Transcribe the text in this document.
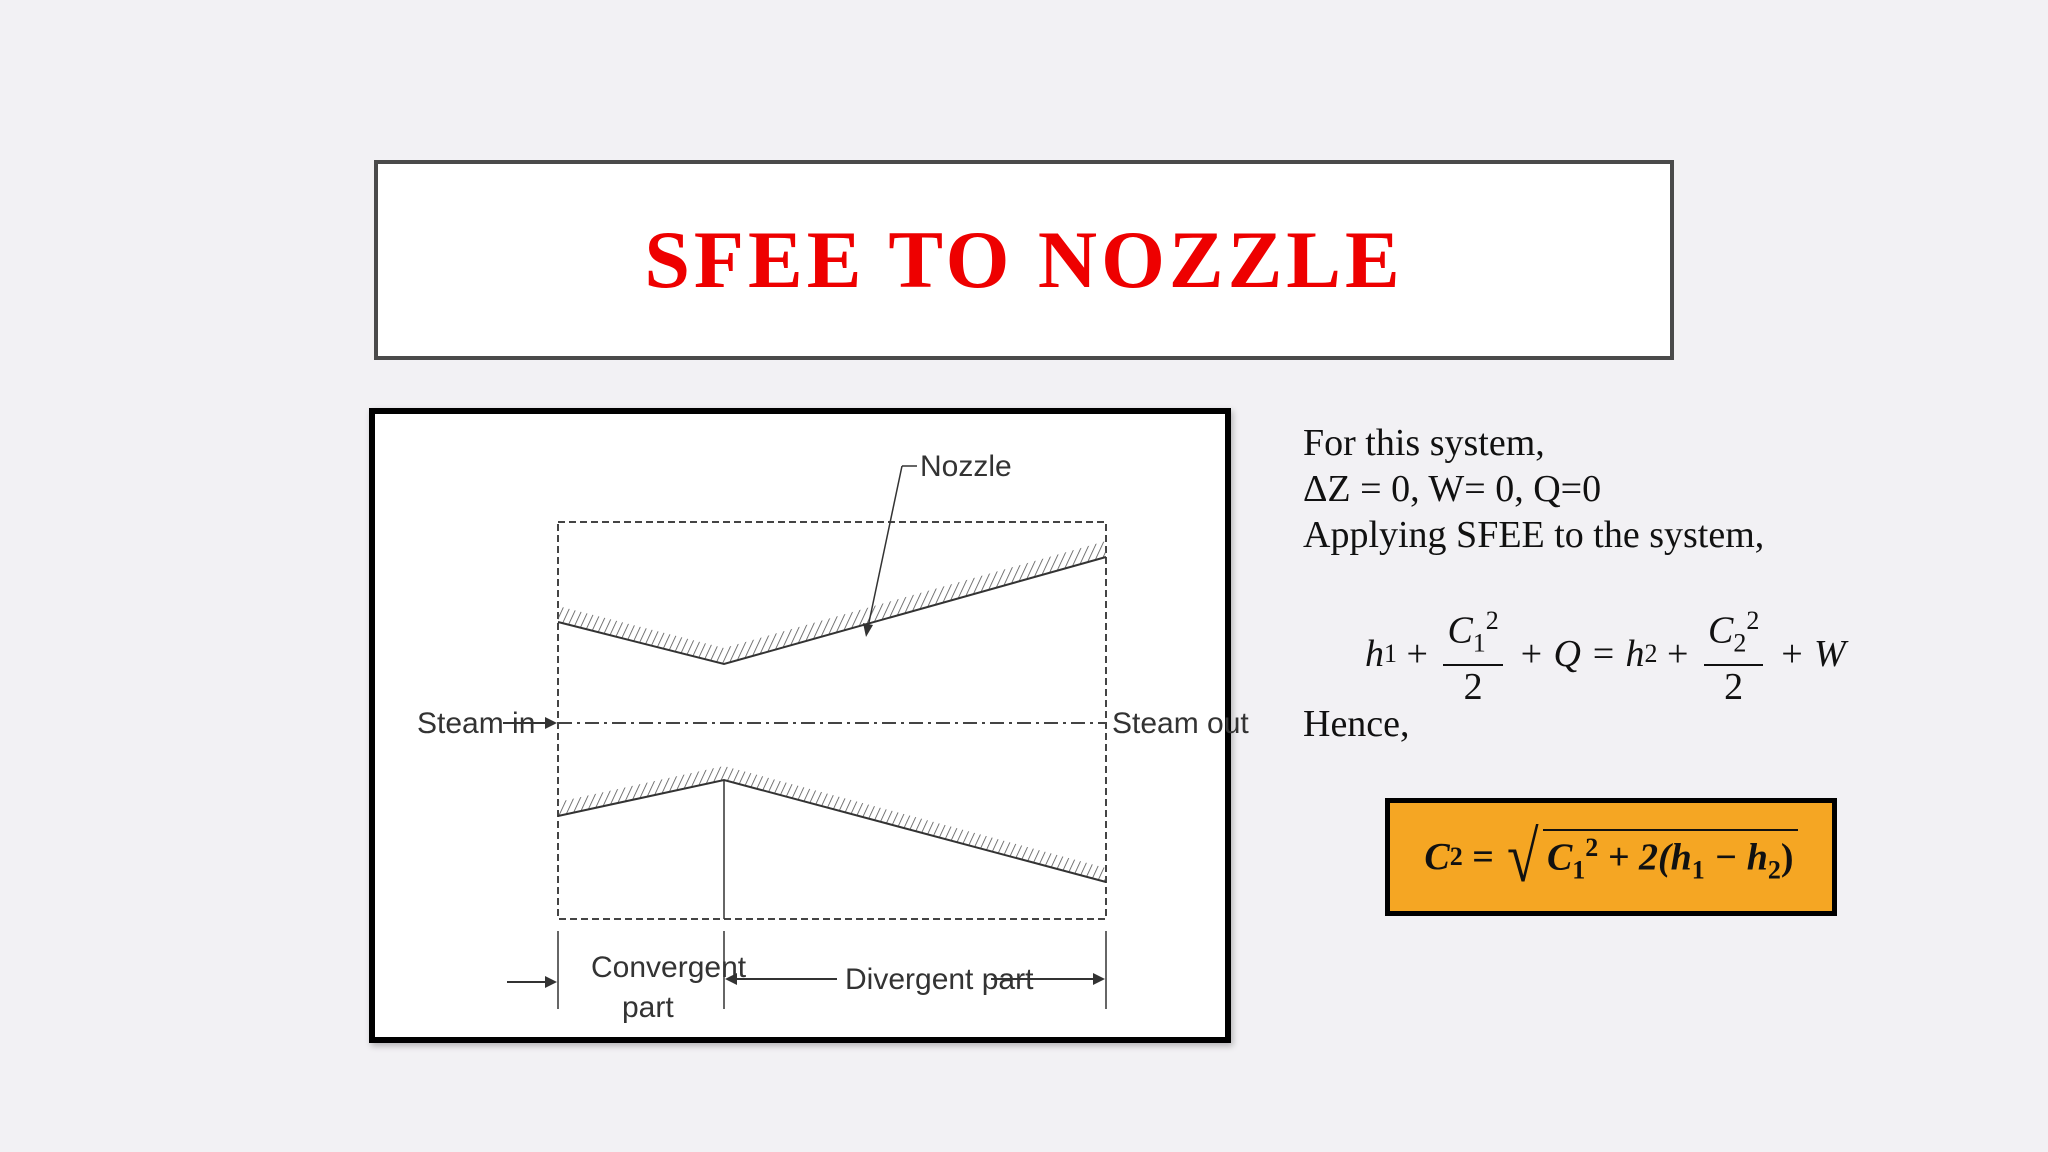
SFEE TO NOZZLE
Steam in	Steam out
Nozzle
Convergent
part
Divergent part
For this system,
ΔZ = 0, W= 0, Q=0
Applying SFEE to the system,
h $1 + \frac{C_1^2}{2} + Q = h$ $2 + \frac{C_2^2}{2} + W$
Hence,
C 2 = √ $C_1^2 + 2(h_1 - h_2)$
